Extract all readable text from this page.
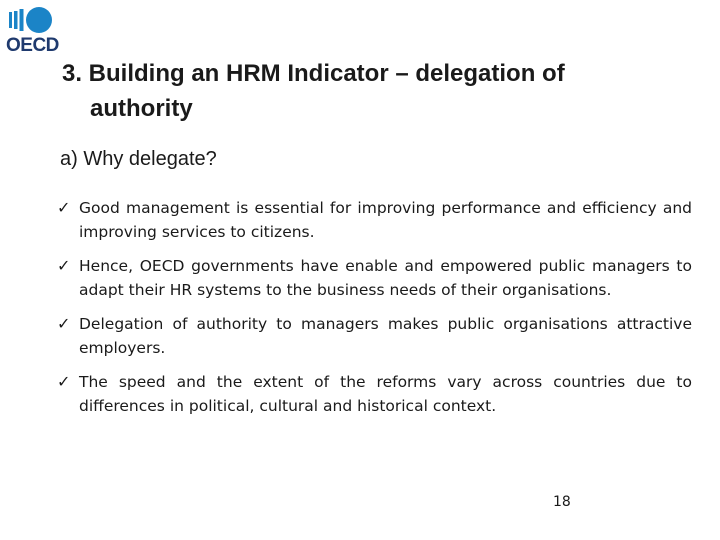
OECD
3. Building an HRM Indicator – delegation of
authority
a) Why delegate?
✓ Good management is essential for improving performance and efficiency and improving services to citizens.
✓ Hence, OECD governments have enable and empowered public managers to adapt their HR systems to the business needs of their organisations.
✓ Delegation of authority to managers makes public organisations attractive employers.
✓ The speed and the extent of the reforms vary across countries due to differences in political, cultural and historical context.
18
